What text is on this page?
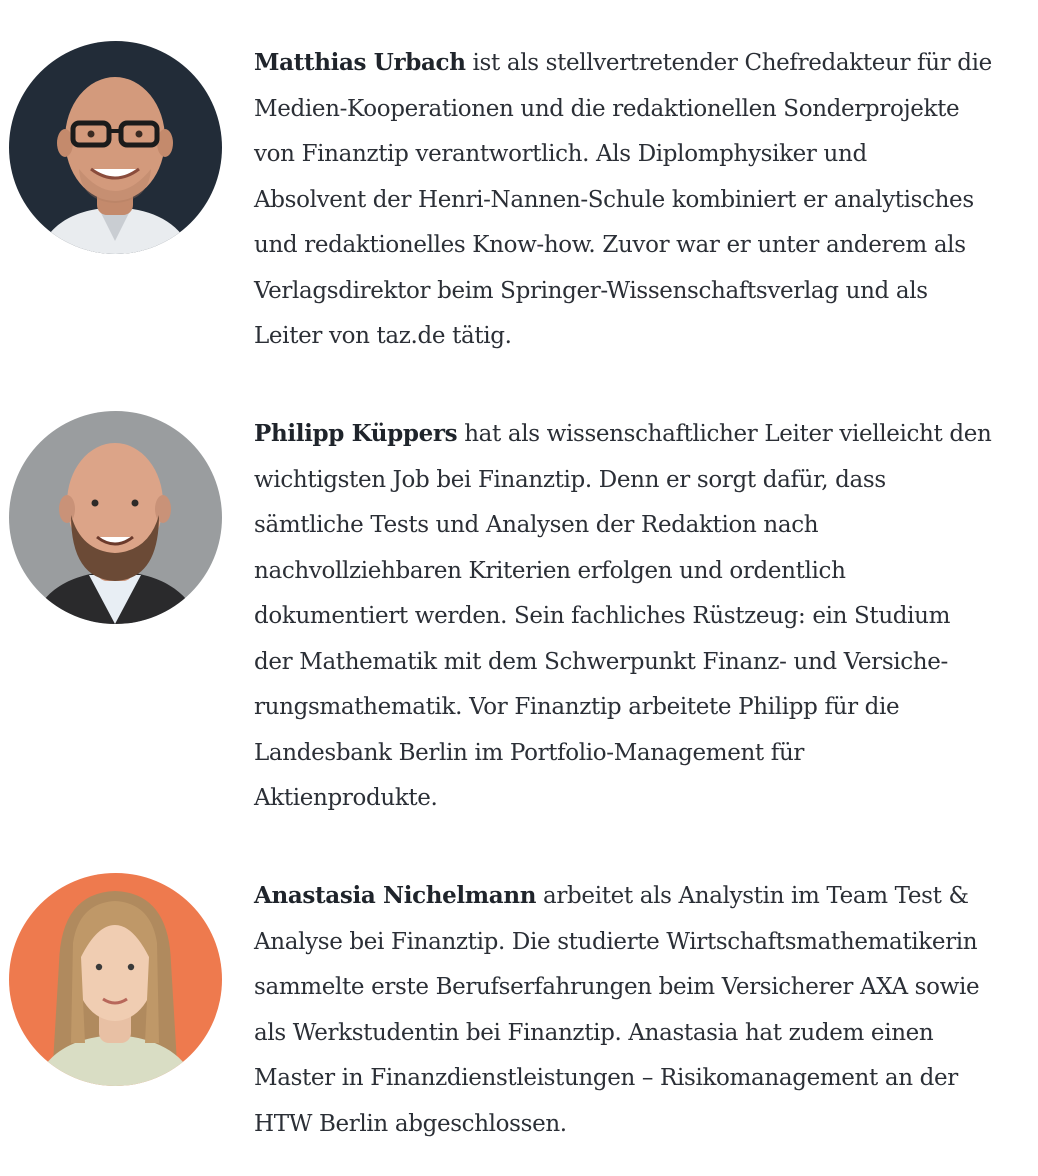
Matthias Urbach ist als stellvertretender Chefredakteur für die
Medien-Kooperationen und die redaktionellen Sonderprojekte
von Finanztip verantwortlich. Als Diplomphysiker und
Absolvent der Henri-Nannen-Schule kombiniert er analytisches
und redaktionelles Know-how. Zuvor war er unter anderem als
Verlagsdirektor beim Springer-Wissenschaftsverlag und als
Leiter von taz.de tätig.

Philipp Küppers hat als wissenschaftlicher Leiter vielleicht den
wichtigsten Job bei Finanztip. Denn er sorgt dafür, dass
sämtliche Tests und Analysen der Redaktion nach
nachvollziehbaren Kriterien erfolgen und ordentlich
dokumentiert werden. Sein fachliches Rüstzeug: ein Studium
der Mathematik mit dem Schwerpunkt Finanz- und Versiche-
rungsmathematik. Vor Finanztip arbeitete Philipp für die
Landesbank Berlin im Portfolio-Management für
Aktienprodukte.

Anastasia Nichelmann arbeitet als Analystin im Team Test &
Analyse bei Finanztip. Die studierte Wirtschaftsmathematikerin
sammelte erste Berufserfahrungen beim Versicherer AXA sowie
als Werkstudentin bei Finanztip. Anastasia hat zudem einen
Master in Finanzdienstleistungen – Risikomanagement an der
HTW Berlin abgeschlossen.
